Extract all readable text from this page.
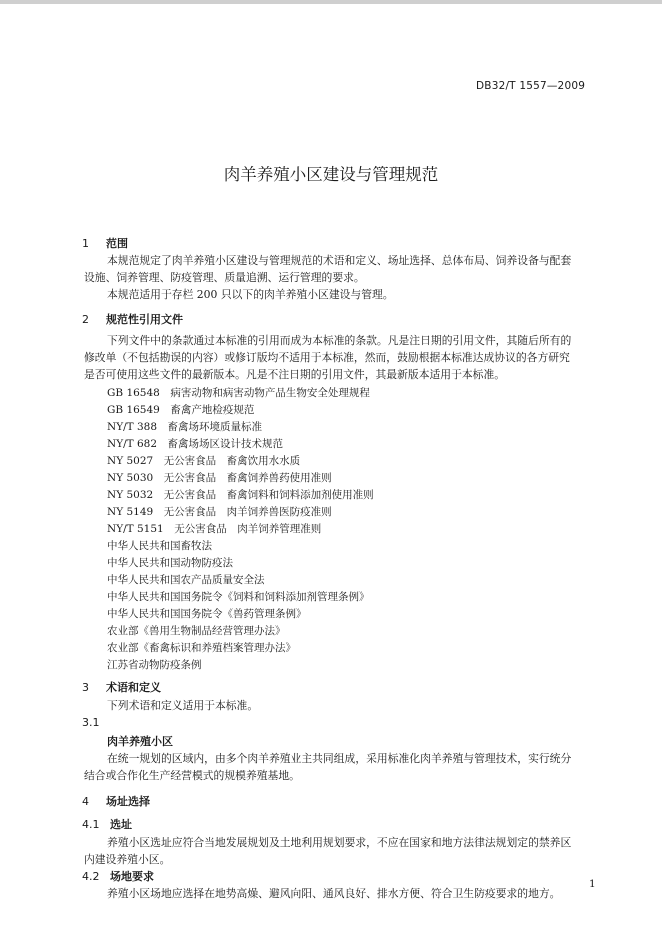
DB32/T 1557—2009
肉羊养殖小区建设与管理规范
1 范围
本规范规定了肉羊养殖小区建设与管理规范的术语和定义、场址选择、总体布局、饲养设备与配套
设施、饲养管理、防疫管理、质量追溯、运行管理的要求。
本规范适用于存栏 200 只以下的肉羊养殖小区建设与管理。
2 规范性引用文件
下列文件中的条款通过本标准的引用而成为本标准的条款。凡是注日期的引用文件，其随后所有的
修改单（不包括勘误的内容）或修订版均不适用于本标准，然而，鼓励根据本标准达成协议的各方研究
是否可使用这些文件的最新版本。凡是不注日期的引用文件，其最新版本适用于本标准。
GB 16548　病害动物和病害动物产品生物安全处理规程
GB 16549　畜禽产地检疫规范
NY/T 388　畜禽场环境质量标准
NY/T 682　畜禽场场区设计技术规范
NY 5027　无公害食品　畜禽饮用水水质
NY 5030　无公害食品　畜禽饲养兽药使用准则
NY 5032　无公害食品　畜禽饲料和饲料添加剂使用准则
NY 5149　无公害食品　肉羊饲养兽医防疫准则
NY/T 5151　无公害食品　肉羊饲养管理准则
中华人民共和国畜牧法
中华人民共和国动物防疫法
中华人民共和国农产品质量安全法
中华人民共和国国务院令《饲料和饲料添加剂管理条例》
中华人民共和国国务院令《兽药管理条例》
农业部《兽用生物制品经营管理办法》
农业部《畜禽标识和养殖档案管理办法》
江苏省动物防疫条例
3 术语和定义
下列术语和定义适用于本标准。
3.1
肉羊养殖小区
在统一规划的区域内，由多个肉羊养殖业主共同组成，采用标准化肉羊养殖与管理技术，实行统分
结合或合作化生产经营模式的规模养殖基地。
4 场址选择
4.1 选址
养殖小区选址应符合当地发展规划及土地利用规划要求，不应在国家和地方法律法规划定的禁养区
内建设养殖小区。
4.2 场地要求
养殖小区场地应选择在地势高燥、避风向阳、通风良好、排水方便、符合卫生防疫要求的地方。
1
